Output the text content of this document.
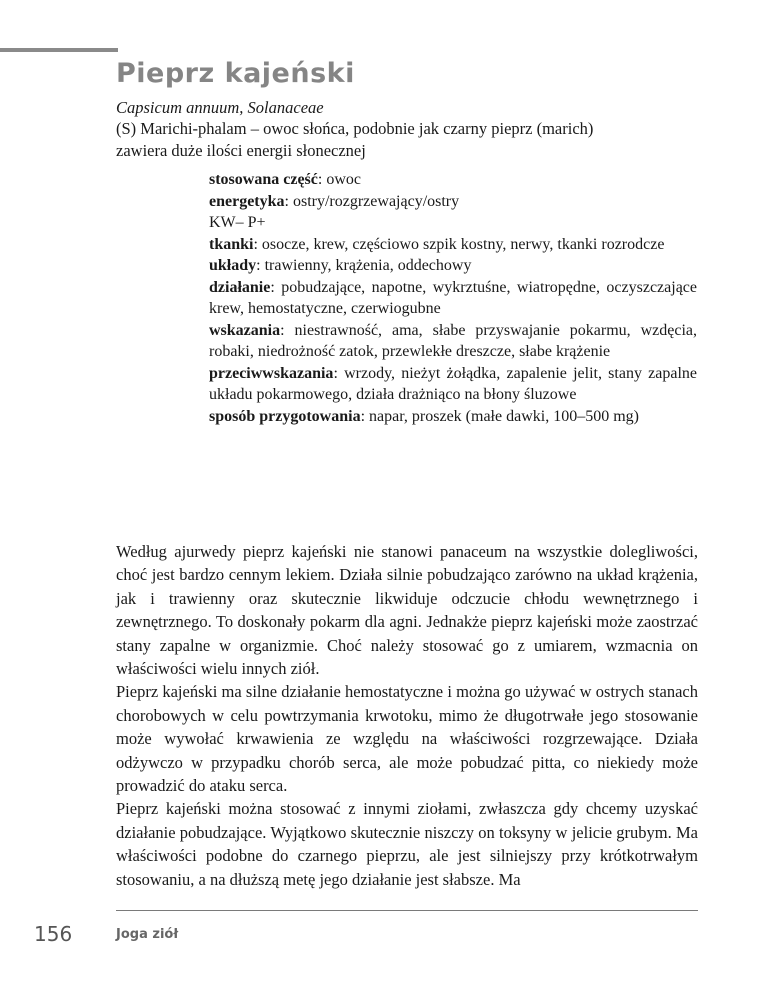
Pieprz kajeński
Capsicum annuum, Solanaceae

(S) Marichi-phalam – owoc słońca, podobnie jak czarny pieprz (marich)

zawiera duże ilości energii słonecznej

stosowana część: owoc
energetyka: ostry/rozgrzewający/ostry
KW– P+
tkanki: osocze, krew, częściowo szpik kostny, nerwy, tkanki rozrodcze
układy: trawienny, krążenia, oddechowy
działanie: pobudzające, napotne, wykrztuśne, wiatropędne, oczyszczające krew, hemostatyczne, czerwiogubne
wskazania: niestrawność, ama, słabe przyswajanie pokarmu, wzdęcia, robaki, niedrożność zatok, przewlekłe dreszcze, słabe krążenie
przeciwwskazania: wrzody, nieżyt żołądka, zapalenie jelit, stany zapalne układu pokarmowego, działa drażniąco na błony śluzowe
sposób przygotowania: napar, proszek (małe dawki, 100–500 mg)

Według ajurwedy pieprz kajeński nie stanowi panaceum na wszystkie dolegliwości, choć jest bardzo cennym lekiem. Działa silnie pobudzająco zarówno na układ krążenia, jak i trawienny oraz skutecznie likwiduje odczucie chłodu wewnętrznego i zewnętrznego. To doskonały pokarm dla agni. Jednakże pieprz kajeński może zaostrzać stany zapalne w organizmie. Choć należy stosować go z umiarem, wzmacnia on właściwości wielu innych ziół.

Pieprz kajeński ma silne działanie hemostatyczne i można go używać w ostrych stanach chorobowych w celu powtrzymania krwotoku, mimo że długotrwałe jego stosowanie może wywołać krwawienia ze względu na właściwości rozgrzewające. Działa odżywczo w przypadku chorób serca, ale może pobudzać pitta, co niekiedy może prowadzić do ataku serca.

Pieprz kajeński można stosować z innymi ziołami, zwłaszcza gdy chcemy uzyskać działanie pobudzające. Wyjątkowo skutecznie niszczy on toksyny w jelicie grubym. Ma właściwości podobne do czarnego pieprzu, ale jest silniejszy przy krótkotrwałym stosowaniu, a na dłuższą metę jego działanie jest słabsze. Ma

156	Joga ziół
